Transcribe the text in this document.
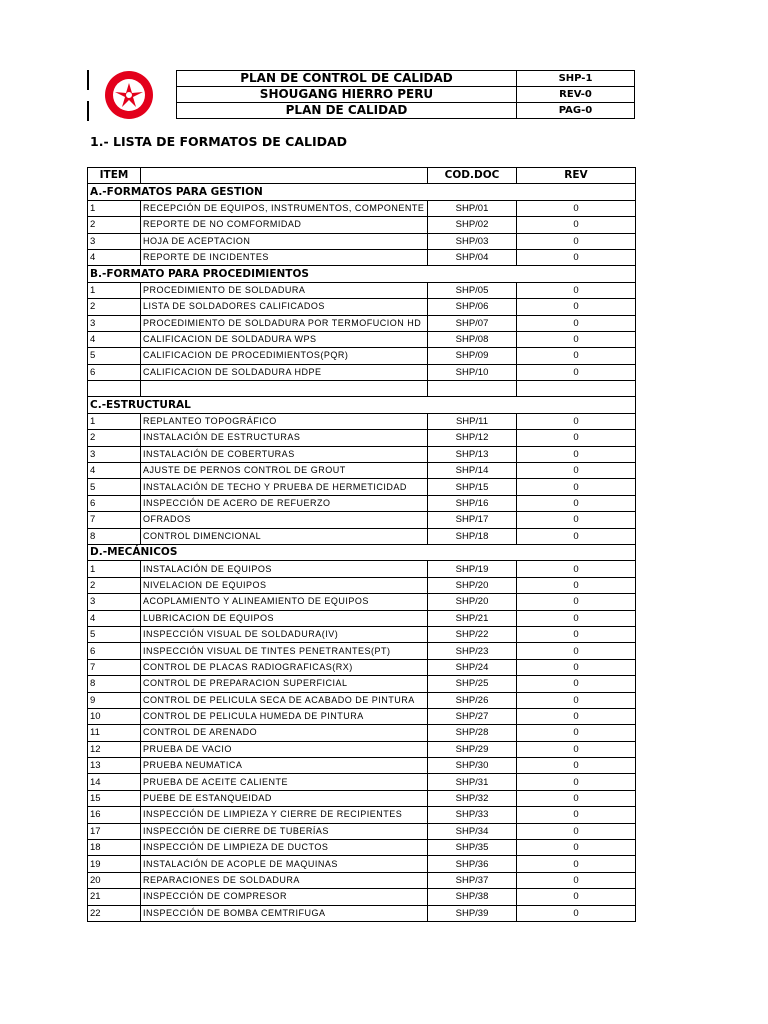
PLAN DE CONTROL DE CALIDAD	SHP-1
SHOUGANG HIERRO PERU	REV-0
PLAN DE CALIDAD	PAG-0
1.- LISTA DE FORMATOS DE CALIDAD
ITEM		COD.DOC	REV
A.-FORMATOS PARA GESTION			
1	RECEPCIÓN DE EQUIPOS, INSTRUMENTOS, COMPONENTE	SHP/01	0
2	REPORTE DE NO COMFORMIDAD	SHP/02	0
3	HOJA DE ACEPTACION	SHP/03	0
4	REPORTE DE INCIDENTES	SHP/04	0
B.-FORMATO PARA PROCEDIMIENTOS			
1	PROCEDIMIENTO DE SOLDADURA	SHP/05	0
2	LISTA DE SOLDADORES CALIFICADOS	SHP/06	0
3	PROCEDIMIENTO DE SOLDADURA POR TERMOFUCION HD	SHP/07	0
4	CALIFICACION DE SOLDADURA WPS	SHP/08	0
5	CALIFICACION DE PROCEDIMIENTOS(PQR)	SHP/09	0
6	CALIFICACION DE SOLDADURA HDPE	SHP/10	0

C.-ESTRUCTURAL			
1	REPLANTEO TOPOGRÁFICO	SHP/11	0
2	INSTALACIÓN DE ESTRUCTURAS	SHP/12	0
3	INSTALACIÓN DE COBERTURAS	SHP/13	0
4	AJUSTE DE PERNOS CONTROL DE GROUT	SHP/14	0
5	INSTALACIÓN DE TECHO Y PRUEBA DE HERMETICIDAD	SHP/15	0
6	INSPECCIÓN DE ACERO DE REFUERZO	SHP/16	0
7	OFRADOS	SHP/17	0
8	CONTROL DIMENCIONAL	SHP/18	0
D.-MECÁNICOS			
1	INSTALACIÓN DE EQUIPOS	SHP/19	0
2	NIVELACION DE EQUIPOS	SHP/20	0
3	ACOPLAMIENTO Y ALINEAMIENTO DE EQUIPOS	SHP/20	0
4	LUBRICACION DE EQUIPOS	SHP/21	0
5	INSPECCIÓN VISUAL DE SOLDADURA(IV)	SHP/22	0
6	INSPECCIÓN VISUAL DE TINTES PENETRANTES(PT)	SHP/23	0
7	CONTROL DE PLACAS RADIOGRAFICAS(RX)	SHP/24	0
8	CONTROL DE PREPARACION SUPERFICIAL	SHP/25	0
9	CONTROL DE PELICULA SECA DE ACABADO DE PINTURA	SHP/26	0
10	CONTROL DE PELICULA HUMEDA DE PINTURA	SHP/27	0
11	CONTROL DE ARENADO	SHP/28	0
12	PRUEBA DE VACIO	SHP/29	0
13	PRUEBA NEUMATICA	SHP/30	0
14	PRUEBA DE ACEITE CALIENTE	SHP/31	0
15	PUEBE DE ESTANQUEIDAD	SHP/32	0
16	INSPECCIÓN DE LIMPIEZA Y CIERRE DE RECIPIENTES	SHP/33	0
17	INSPECCIÓN DE CIERRE DE TUBERÍAS	SHP/34	0
18	INSPECCIÓN DE LIMPIEZA DE DUCTOS	SHP/35	0
19	INSTALACIÓN DE ACOPLE DE MAQUINAS	SHP/36	0
20	REPARACIONES DE SOLDADURA	SHP/37	0
21	INSPECCIÓN DE COMPRESOR	SHP/38	0
22	INSPECCIÓN DE BOMBA CEMTRIFUGA	SHP/39	0
